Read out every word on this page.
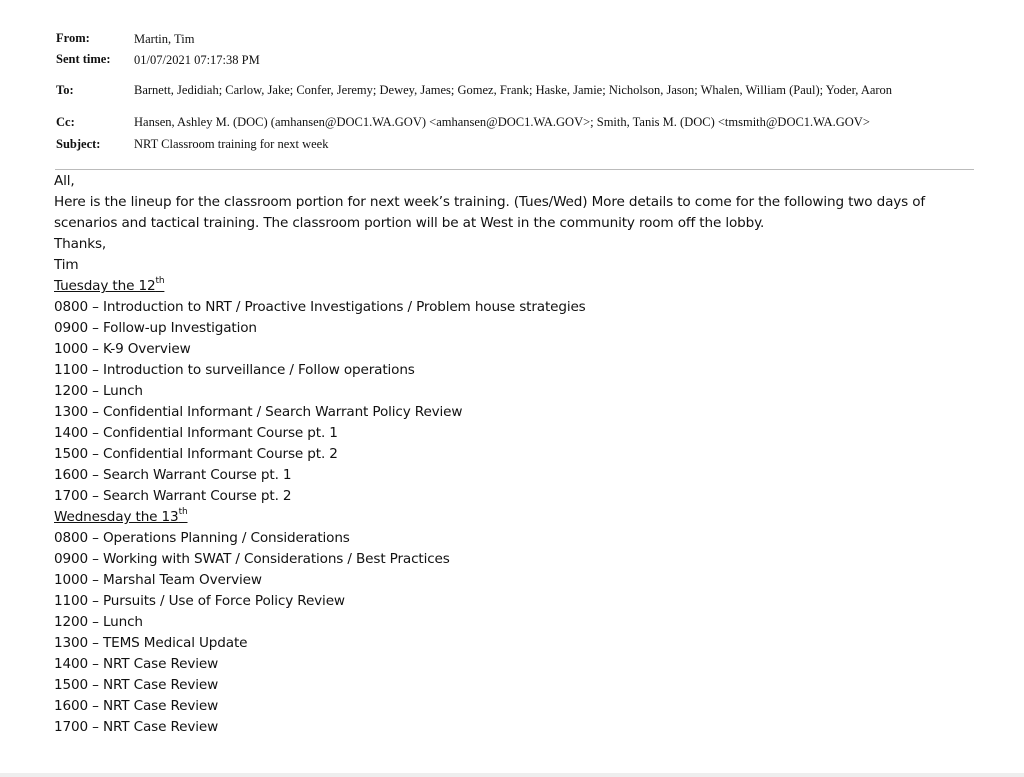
From:	Martin, Tim
Sent time:	01/07/2021 07:17:38 PM
To:	Barnett, Jedidiah; Carlow, Jake; Confer, Jeremy; Dewey, James; Gomez, Frank; Haske, Jamie; Nicholson, Jason; Whalen, William (Paul); Yoder, Aaron
Cc:	Hansen, Ashley M. (DOC) (amhansen@DOC1.WA.GOV) <amhansen@DOC1.WA.GOV>; Smith, Tanis M. (DOC) <tmsmith@DOC1.WA.GOV>
Subject:	NRT Classroom training for next week

All,

Here is the lineup for the classroom portion for next week’s training. (Tues/Wed) More details to come for the following two days of scenarios and tactical training. The classroom portion will be at West in the community room off the lobby.

Thanks,

Tim

Tuesday the 12th

0800 – Introduction to NRT / Proactive Investigations / Problem house strategies

0900 – Follow-up Investigation

1000 – K-9 Overview

1100 – Introduction to surveillance / Follow operations

1200 – Lunch

1300 – Confidential Informant / Search Warrant Policy Review

1400 – Confidential Informant Course pt. 1

1500 – Confidential Informant Course pt. 2

1600 – Search Warrant Course pt. 1

1700 – Search Warrant Course pt. 2

Wednesday the 13th

0800 – Operations Planning / Considerations

0900 – Working with SWAT / Considerations / Best Practices

1000 – Marshal Team Overview

1100 – Pursuits / Use of Force Policy Review

1200 – Lunch

1300 – TEMS Medical Update

1400 – NRT Case Review

1500 – NRT Case Review

1600 – NRT Case Review

1700 – NRT Case Review
